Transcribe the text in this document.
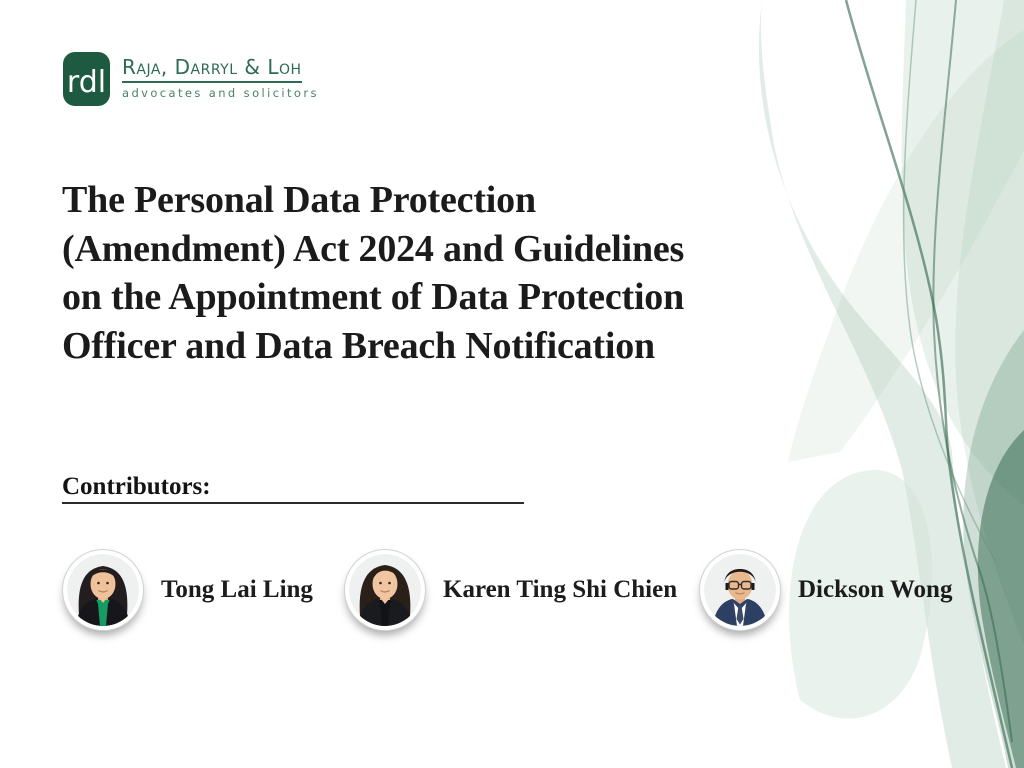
rdl Raja, Darryl & Loh
advocates and solicitors
The Personal Data Protection
(Amendment) Act 2024 and Guidelines
on the Appointment of Data Protection
Officer and Data Breach Notification
Contributors:
Tong Lai Ling	Karen Ting Shi Chien	Dickson Wong
